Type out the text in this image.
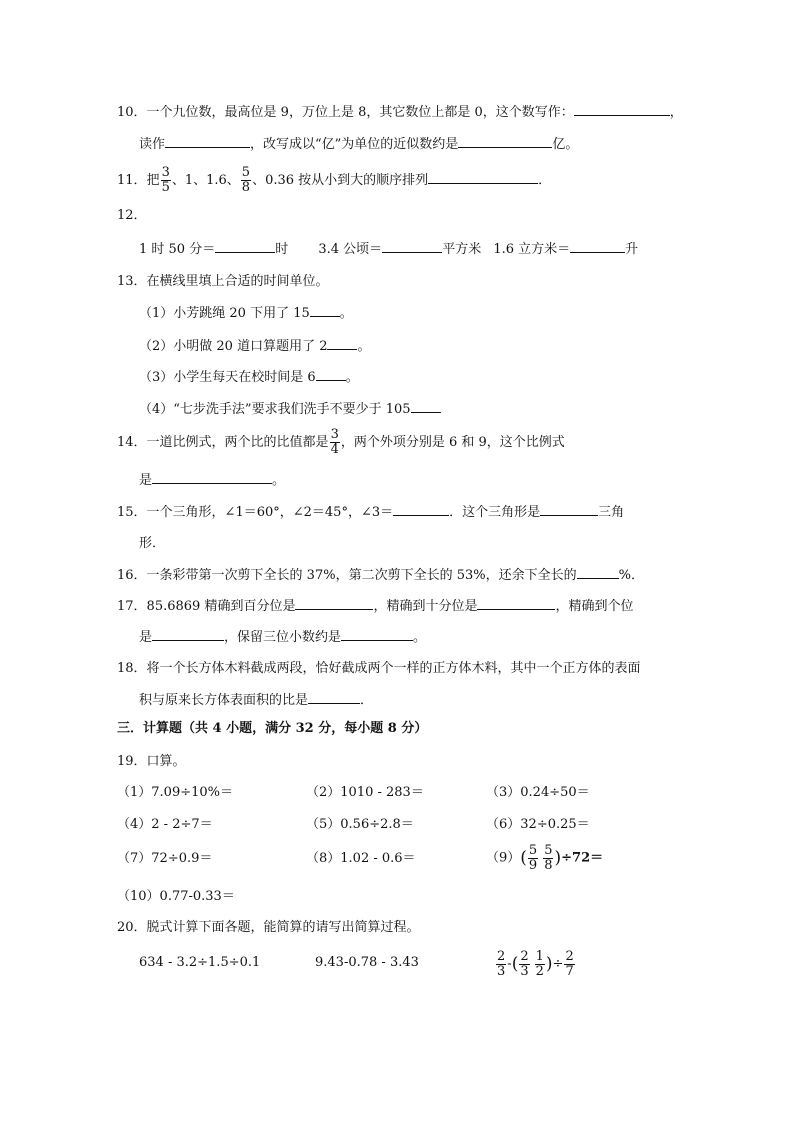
10．一个九位数，最高位是 9，万位上是 8，其它数位上都是 0，这个数写作：	，
读作	，改写成以“亿”为单位的近似数约是	亿。
11．把 $\frac{3}{5}$ 、1、1.6、 $\frac{5}{8}$ 、0.36 按从小到大的顺序排列	．
12．
1 时 50 分＝	时 3.4 公顷＝	平方米 1.6 立方米＝	升
13．在横线里填上合适的时间单位。
（1）小芳跳绳 20 下用了 15 。
（2）小明做 20 道口算题用了 2 。
（3）小学生每天在校时间是 6 。
（4）“七步洗手法”要求我们洗手不要少于 105
14．一道比例式，两个比的比值都是 $\frac{3}{4}$ ，两个外项分别是 6 和 9，这个比例式
是	。
15．一个三角形，∠1＝60°，∠2＝45°，∠3＝	．这个三角形是	三角
形．
16．一条彩带第一次剪下全长的 37%，第二次剪下全长的 53%，还余下全长的	%．
17．85.6869 精确到百分位是	，精确到十分位是	，精确到个位
是	，保留三位小数约是	。
18．将一个长方体木料截成两段，恰好截成两个一样的正方体木料，其中一个正方体的表面
积与原来长方体表面积的比是	．
三．计算题（共 4 小题，满分 32 分，每小题 8 分）
19．口算。
（1）7.09÷10%＝	（2）1010 - 283＝	（3）0.24÷50＝
（4）2 - 2÷7＝	（5）0.56÷2.8＝	（6）32÷0.25＝
（7）72÷0.9＝	（8）1.02 - 0.6＝	$(9)( \frac{5}{9} \frac{5}{8} )\div 72=$
（10）0.77-0.33＝
20．脱式计算下面各题，能简算的请写出简算过程。
634 - 3.2÷1.5÷0.1	9.43-0.78 - 3.43	$\frac{2}{3}$ -( $\frac{2}{3} \frac{1}{2}$ )÷ $\frac{2}{7}$
